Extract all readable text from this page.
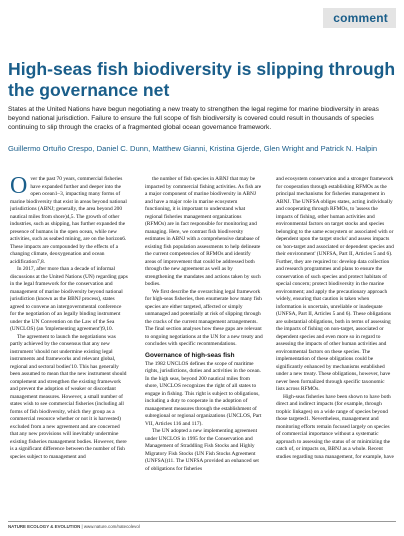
comment
High-seas fish biodiversity is slipping through the governance net

States at the United Nations have begun negotiating a new treaty to strengthen the legal regime for marine biodiversity in areas beyond national jurisdiction. Failure to ensure the full scope of fish biodiversity is covered could result in thousands of species continuing to slip through the cracks of a fragmented global ocean governance framework.

Guillermo Ortuño Crespo, Daniel C. Dunn, Matthew Gianni, Kristina Gjerde, Glen Wright and Patrick N. Halpin

Over the past 70 years, commercial fisheries have expanded further and deeper into the open ocean1–3, impacting many forms of marine biodiversity that exist in areas beyond national jurisdictions (ABNJ; generally, the area beyond 200 nautical miles from shore)4,5. The growth of other industries, such as shipping, has further expanded the presence of humans in the open ocean, while new activities, such as seabed mining, are on the horizon6. These impacts are compounded by the effects of a changing climate, deoxygenation and ocean acidification7,8.

In 2017, after more than a decade of informal discussions at the United Nations (UN) regarding gaps in the legal framework for the conservation and management of marine biodiversity beyond national jurisdiction (known as the BBNJ process), states agreed to convene an intergovernmental conference for the negotiation of an legally binding instrument under the UN Convention on the Law of the Sea (UNCLOS) (an 'implementing agreement')9,10.

The agreement to launch the negotiations was partly achieved by the consensus that any new instrument 'should not undermine existing legal instruments and frameworks and relevant global, regional and sectoral bodies'10. This has generally been assumed to mean that the new instrument should complement and strengthen the existing framework and prevent the adoption of weaker or discordant management measures. However, a small number of states wish to see commercial fisheries (including all forms of fish biodiversity, which they group as a commercial resource whether or not it is harvested) excluded from a new agreement and are concerned that any new provisions will inevitably undermine existing fisheries management bodies. However, there is a significant difference between the number of fish species subject to management and

the number of fish species in ABNJ that may be impacted by commercial fishing activities. As fish are a major component of marine biodiversity in ABNJ and have a major role in marine ecosystem functioning, it is important to understand what regional fisheries management organizations (RFMOs) are in fact responsible for monitoring and managing. Here, we contrast fish biodiversity estimates in ABNJ with a comprehensive database of existing fish population assessments to help delineate the current competencies of RFMOs and identify areas of improvement that could be addressed both through the new agreement as well as by strengthening the mandates and actions taken by such bodies.

We first describe the overarching legal framework for high-seas fisheries, then enumerate how many fish species are either targeted, affected or simply unmanaged and potentially at risk of slipping through the cracks of the current management arrangements. The final section analyses how these gaps are relevant to ongoing negotiations at the UN for a new treaty and concludes with specific recommendations.

Governance of high-seas fish

The 1982 UNCLOS defines the scope of maritime rights, jurisdictions, duties and activities in the ocean. In the high seas, beyond 200 nautical miles from shore, UNCLOS recognizes the right of all states to engage in fishing. This right is subject to obligations, including a duty to cooperate in the adoption of management measures through the establishment of subregional or regional organizations (UNCLOS, Part VII, Articles 116 and 117).

The UN adopted a new implementing agreement under UNCLOS in 1995 for the Conservation and Management of Straddling Fish Stocks and Highly Migratory Fish Stocks (UN Fish Stocks Agreement (UNFSA))11. The UNFSA provided an enhanced set of obligations for fisheries

and ecosystem conservation and a stronger framework for cooperation through establishing RFMOs as the principal mechanisms for fisheries management in ABNJ. The UNFSA obliges states, acting individually and cooperating through RFMOs, to 'assess the impacts of fishing, other human activities and environmental factors on target stocks and species belonging to the same ecosystem or associated with or dependent upon the target stocks' and assess impacts on 'non-target and associated or dependent species and their environment' (UNFSA, Part II, Articles 5 and 6). Further, they are required to: develop data collection and research programmes and plans to ensure the conservation of such species and protect habitats of special concern; protect biodiversity in the marine environment; and apply the precautionary approach widely, ensuring that caution is taken when information is uncertain, unreliable or inadequate (UNFSA, Part II, Articles 5 and 6). These obligations are substantial obligations, both in terms of assessing the impacts of fishing on non-target, associated or dependent species and even more so in regard to assessing the impacts of other human activities and environmental factors on these species. The implementation of these obligations could be significantly enhanced by mechanisms established under a new treaty. These obligations, however, have never been formalized through specific taxonomic lists across RFMOs.

High-seas fisheries have been shown to have both direct and indirect impacts (for example, through trophic linkages) on a wide range of species beyond those targeted1. Nevertheless, management and monitoring efforts remain focused largely on species of commercial importance without a systematic approach to assessing the status of or minimizing the catch of, or impacts on, BBNJ as a whole. Recent studies regarding tuna management, for example, have

NATURE ECOLOGY & EVOLUTION | www.nature.com/natecolevol
